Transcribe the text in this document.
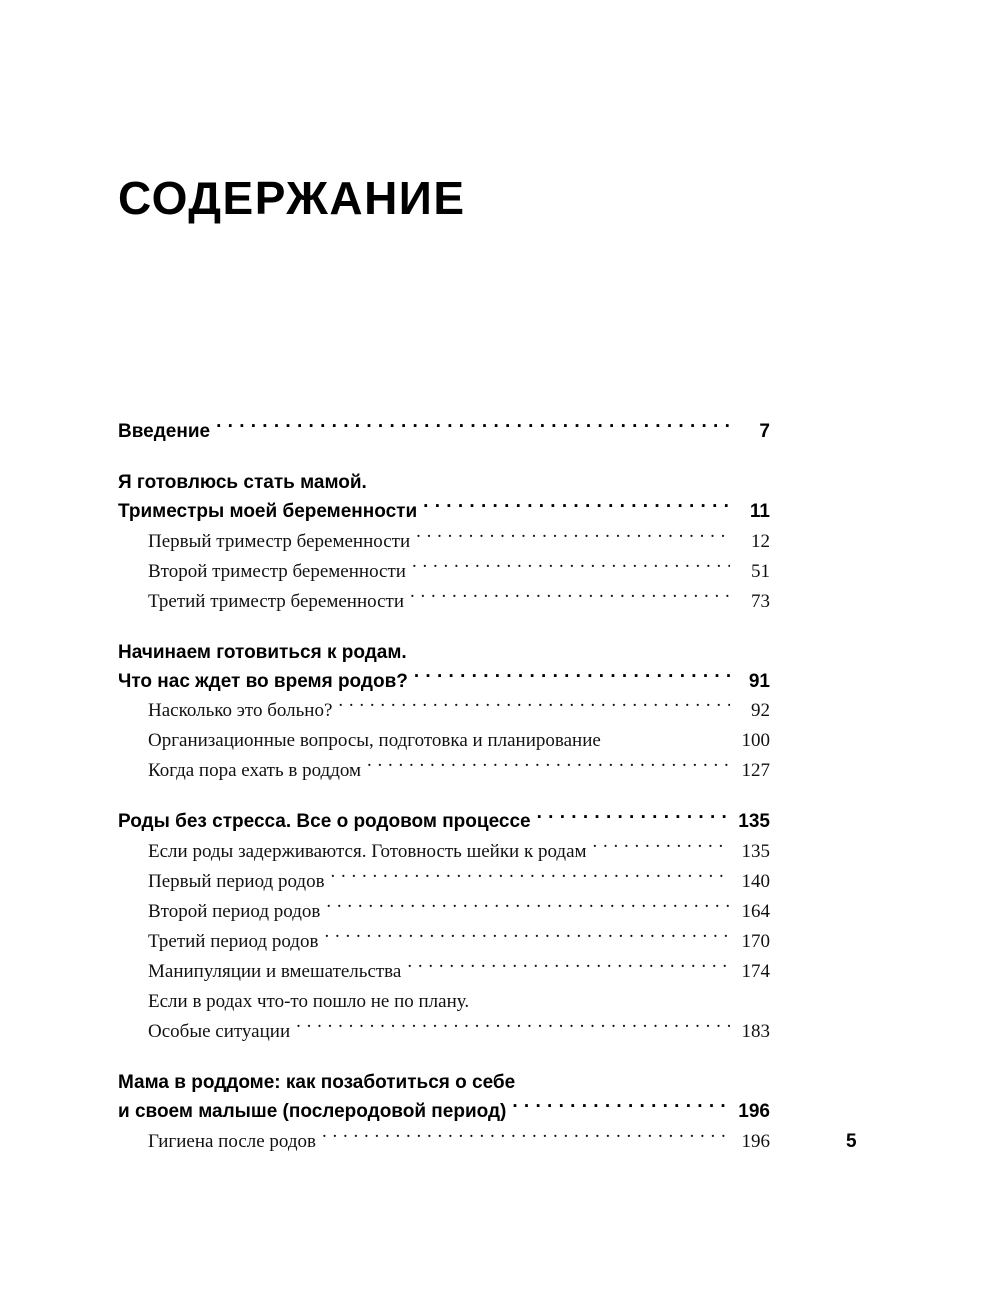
СОДЕРЖАНИЕ
Введение . . .	7
Я готовлюсь стать мамой.
Триместры моей беременности . . .	11
Первый триместр беременности . . .	12
Второй триместр беременности . . .	51
Третий триместр беременности . . .	73
Начинаем готовиться к родам.
Что нас ждет во время родов? . . .	91
Насколько это больно? . . .	92
Организационные вопросы, подготовка и планирование	100
Когда пора ехать в роддом . . .	127
Роды без стресса. Все о родовом процессе . . .	135
Если роды задерживаются. Готовность шейки к родам . . .	135
Первый период родов . . .	140
Второй период родов . . .	164
Третий период родов . . .	170
Манипуляции и вмешательства . . .	174
Если в родах что-то пошло не по плану.
Особые ситуации . . .	183
Мама в роддоме: как позаботиться о себе
и своем малыше (послеродовой период) . . .	196
Гигиена после родов . . .	196	5
